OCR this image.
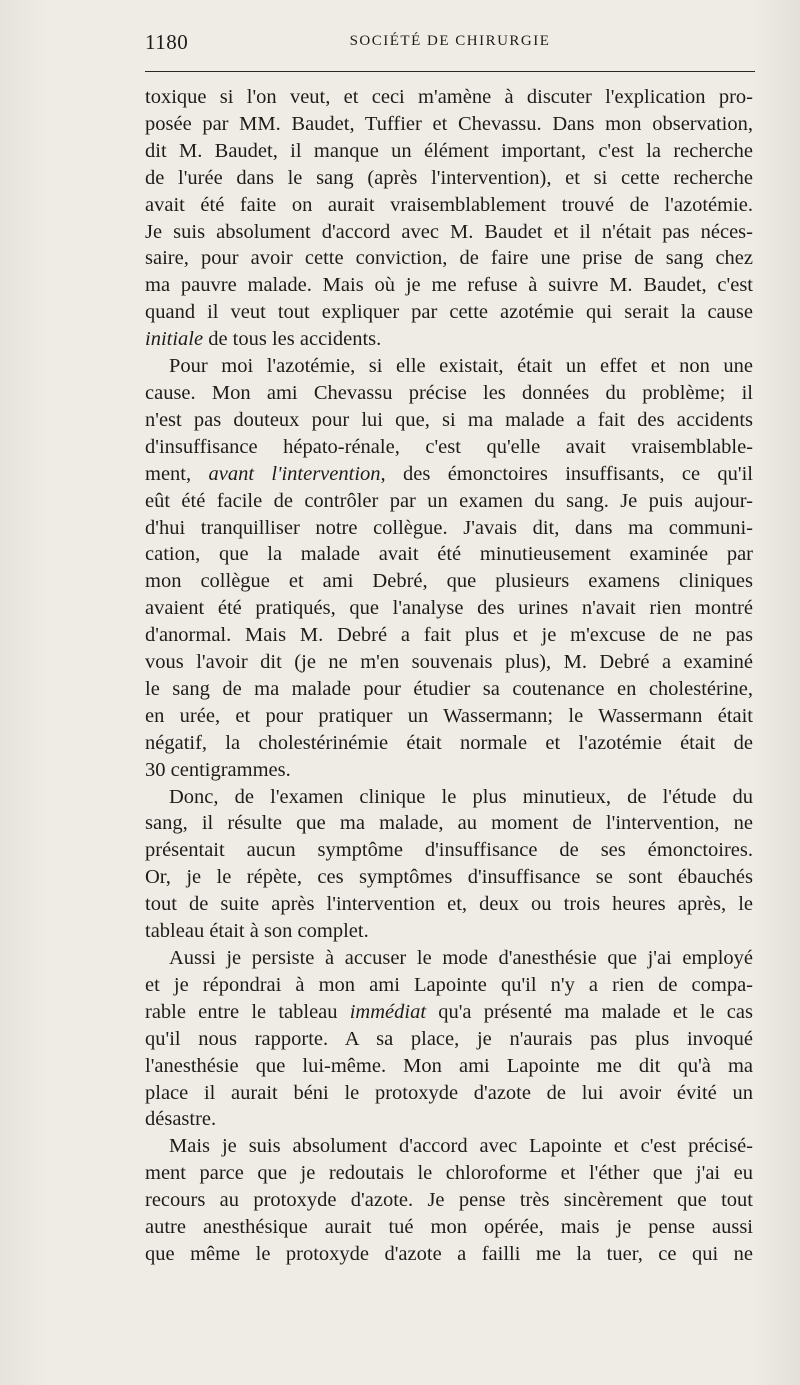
1180	SOCIÉTÉ DE CHIRURGIE

toxique si l'on veut, et ceci m'amène à discuter l'explication pro-
posée par MM. Baudet, Tuffier et Chevassu. Dans mon observation,
dit M. Baudet, il manque un élément important, c'est la recherche
de l'urée dans le sang (après l'intervention), et si cette recherche
avait été faite on aurait vraisemblablement trouvé de l'azotémie.
Je suis absolument d'accord avec M. Baudet et il n'était pas néces-
saire, pour avoir cette conviction, de faire une prise de sang chez
ma pauvre malade. Mais où je me refuse à suivre M. Baudet, c'est
quand il veut tout expliquer par cette azotémie qui serait la cause
initiale de tous les accidents.

Pour moi l'azotémie, si elle existait, était un effet et non une
cause. Mon ami Chevassu précise les données du problème; il
n'est pas douteux pour lui que, si ma malade a fait des accidents
d'insuffisance hépato-rénale, c'est qu'elle avait vraisemblable-
ment, avant l'intervention, des émonctoires insuffisants, ce qu'il
eût été facile de contrôler par un examen du sang. Je puis aujour-
d'hui tranquilliser notre collègue. J'avais dit, dans ma communi-
cation, que la malade avait été minutieusement examinée par
mon collègue et ami Debré, que plusieurs examens cliniques
avaient été pratiqués, que l'analyse des urines n'avait rien montré
d'anormal. Mais M. Debré a fait plus et je m'excuse de ne pas
vous l'avoir dit (je ne m'en souvenais plus), M. Debré a examiné
le sang de ma malade pour étudier sa coutenance en cholestérine,
en urée, et pour pratiquer un Wassermann; le Wassermann était
négatif, la cholestérinémie était normale et l'azotémie était de
30 centigrammes.

Donc, de l'examen clinique le plus minutieux, de l'étude du
sang, il résulte que ma malade, au moment de l'intervention, ne
présentait aucun symptôme d'insuffisance de ses émonctoires.
Or, je le répète, ces symptômes d'insuffisance se sont ébauchés
tout de suite après l'intervention et, deux ou trois heures après, le
tableau était à son complet.

Aussi je persiste à accuser le mode d'anesthésie que j'ai employé
et je répondrai à mon ami Lapointe qu'il n'y a rien de compa-
rable entre le tableau immédiat qu'a présenté ma malade et le cas
qu'il nous rapporte. A sa place, je n'aurais pas plus invoqué
l'anesthésie que lui-même. Mon ami Lapointe me dit qu'à ma
place il aurait béni le protoxyde d'azote de lui avoir évité un
désastre.

Mais je suis absolument d'accord avec Lapointe et c'est précisé-
ment parce que je redoutais le chloroforme et l'éther que j'ai eu
recours au protoxyde d'azote. Je pense très sincèrement que tout
autre anesthésique aurait tué mon opérée, mais je pense aussi
que même le protoxyde d'azote a failli me la tuer, ce qui ne
